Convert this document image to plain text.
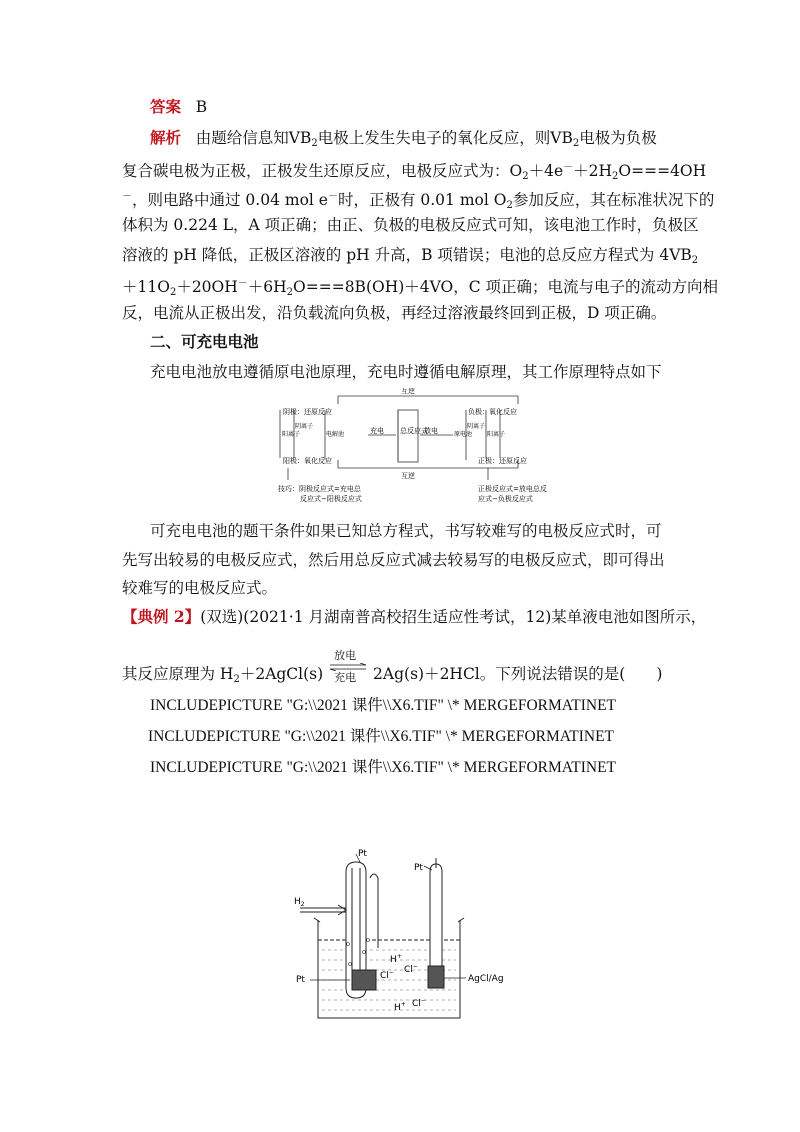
答案 B
解析 由题给信息知$VB_2$电极上发生失电子的氧化反应，则$VB_2$电极为负极
复合碳电极为正极，正极发生还原反应，电极反应式为：$O_2+4e^-+2H_2O===4OH$
－，则电路中通过 0.04 mol e－时，正极有 0.01 mol $O_2$参加反应，其在标准状况下的
体积为 0.224 L，A 项正确；由正、负极的电极反应式可知，该电池工作时，负极区
溶液的 pH 降低，正极区溶液的 pH 升高，B 项错误；电池的总反应方程式为 $4VB_2$
$+11O_2+20OH^-+6H_2O===8B(OH)+4VO$，C 项正确；电流与电子的流动方向相
反，电流从正极出发，沿负载流向负极，再经过溶液最终回到正极，D 项正确。
二、可充电电池
充电电池放电遵循原电池原理，充电时遵循电解原理，其工作原理特点如下
互逆
阴极：还原反应
阳极：氧化反应
阳离子
阴离子
电解池	充电 总反应式
放电	原电池
负极：氧化反应
正极：还原反应
阴离子
阳离子
互逆
技巧：阴极反应式=充电总
反应式−阳极反应式
正极反应式=放电总反
应式−负极反应式
可充电电池的题干条件如果已知总方程式，书写较难写的电极反应式时，可
先写出较易的电极反应式，然后用总反应式减去较易写的电极反应式，即可得出
较难写的电极反应式。
【典例 2】(双选)(2021·1 月湖南普高校招生适应性考试，12)某单液电池如图所示，
其反应原理为 $H_2+2AgCl(s)$
放电
充电 2Ag(s)＋2HCl。下列说法错误的是(　　)
INCLUDEPICTURE "G:\\2021 课件\\X6.TIF" \* MERGEFORMATINET
INCLUDEPICTURE "G:\\2021 课件\\X6.TIF" \* MERGEFORMATINET
INCLUDEPICTURE "G:\\2021 课件\\X6.TIF" \* MERGEFORMATINET
Pt
Pt
$H_2$
Pt
H+
Cl− Cl−
H+ Cl−
AgCl/Ag
